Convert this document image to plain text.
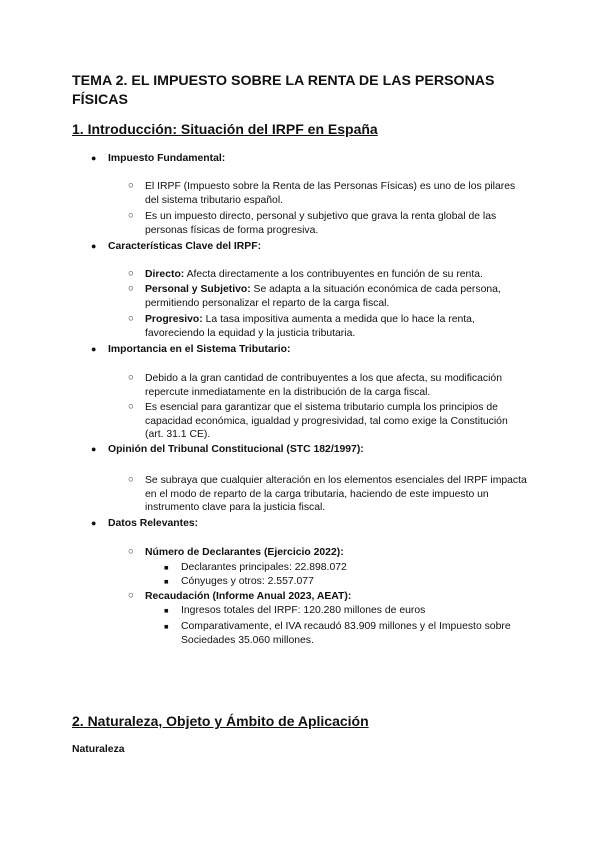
TEMA 2. EL IMPUESTO SOBRE LA RENTA DE LAS PERSONAS FÍSICAS
1. Introducción: Situación del IRPF en España
● Impuesto Fundamental:
○ El IRPF (Impuesto sobre la Renta de las Personas Físicas) es uno de los pilares del sistema tributario español.
○ Es un impuesto directo, personal y subjetivo que grava la renta global de las personas físicas de forma progresiva.
● Características Clave del IRPF:
○ Directo: Afecta directamente a los contribuyentes en función de su renta.
○ Personal y Subjetivo: Se adapta a la situación económica de cada persona, permitiendo personalizar el reparto de la carga fiscal.
○ Progresivo: La tasa impositiva aumenta a medida que lo hace la renta, favoreciendo la equidad y la justicia tributaria.
● Importancia en el Sistema Tributario:
○ Debido a la gran cantidad de contribuyentes a los que afecta, su modificación repercute inmediatamente en la distribución de la carga fiscal.
○ Es esencial para garantizar que el sistema tributario cumpla los principios de capacidad económica, igualdad y progresividad, tal como exige la Constitución (art. 31.1 CE).
● Opinión del Tribunal Constitucional (STC 182/1997):
○ Se subraya que cualquier alteración en los elementos esenciales del IRPF impacta en el modo de reparto de la carga tributaria, haciendo de este impuesto un instrumento clave para la justicia fiscal.
● Datos Relevantes:
○ Número de Declarantes (Ejercicio 2022):
■ Declarantes principales: 22.898.072
■ Cónyuges y otros: 2.557.077
○ Recaudación (Informe Anual 2023, AEAT):
■ Ingresos totales del IRPF: 120.280 millones de euros
■ Comparativamente, el IVA recaudó 83.909 millones y el Impuesto sobre Sociedades 35.060 millones.
2. Naturaleza, Objeto y Ámbito de Aplicación
Naturaleza
